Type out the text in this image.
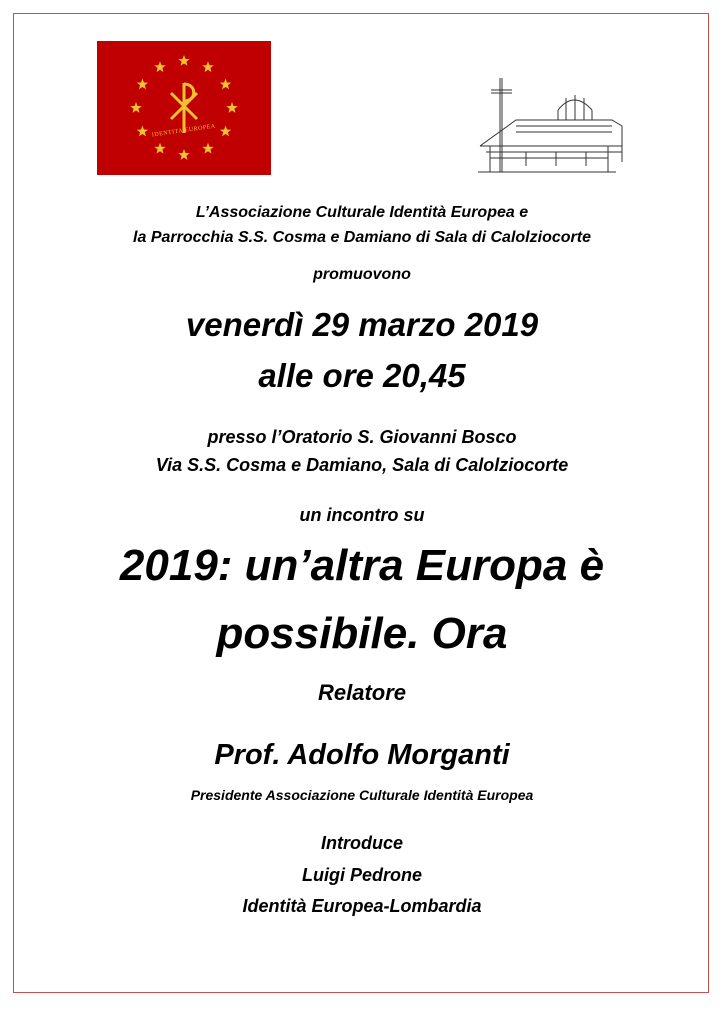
IDENTITA EUROPEA
L’Associazione Culturale Identità Europea e
la Parrocchia S.S. Cosma e Damiano di Sala di Calolziocorte
promuovono
venerdì 29 marzo 2019
alle ore 20,45
presso l’Oratorio S. Giovanni Bosco
Via S.S. Cosma e Damiano, Sala di Calolziocorte
un incontro su
2019: un’altra Europa è
possibile. Ora
Relatore
Prof. Adolfo Morganti
Presidente Associazione Culturale Identità Europea
Introduce
Luigi Pedrone
Identità Europea-Lombardia
